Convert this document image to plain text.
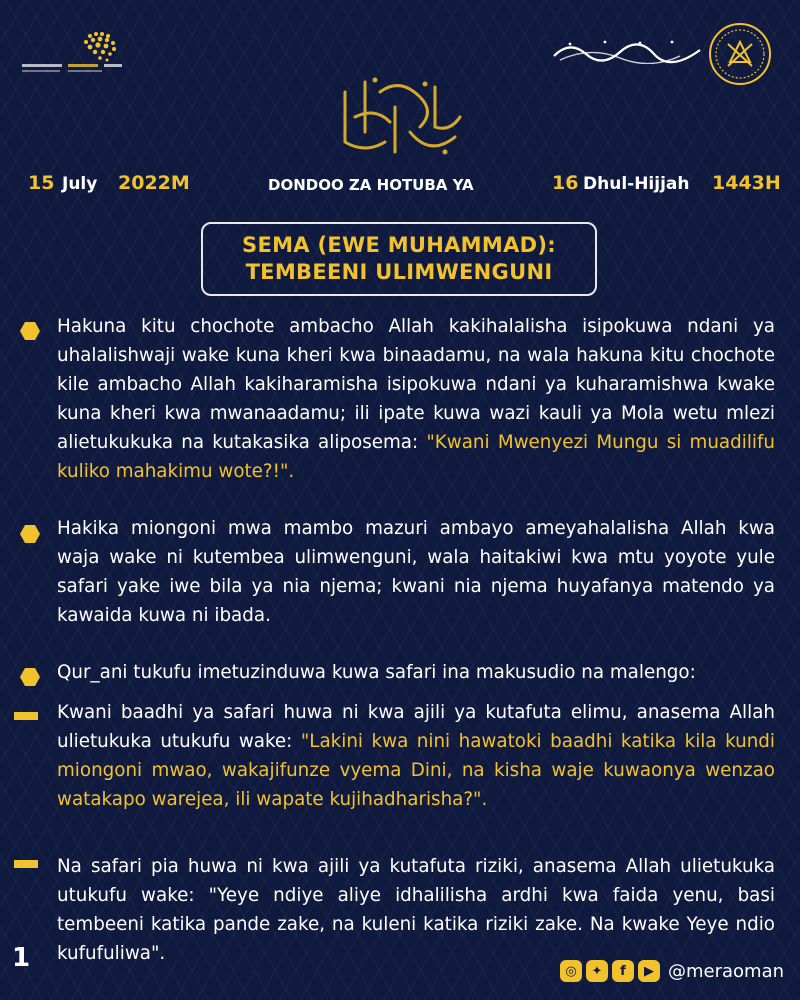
15 July 2022M	DONDOO ZA HOTUBA YA	16 Dhul-Hijjah 1443H
SEMA (EWE MUHAMMAD):
TEMBEENI ULIMWENGUNI
Hakuna kitu chochote ambacho Allah kakihalalisha isipokuwa ndani ya uhalalishwaji wake kuna kheri kwa binaadamu, na wala hakuna kitu chochote kile ambacho Allah kakiharamisha isipokuwa ndani ya kuharamishwa kwake kuna kheri kwa mwanaadamu; ili ipate kuwa wazi kauli ya Mola wetu mlezi alietukukuka na kutakasika aliposema: "Kwani Mwenyezi Mungu si muadilifu kuliko mahakimu wote?!".
Hakika miongoni mwa mambo mazuri ambayo ameyahalalisha Allah kwa waja wake ni kutembea ulimwenguni, wala haitakiwi kwa mtu yoyote yule safari yake iwe bila ya nia njema; kwani nia njema huyafanya matendo ya kawaida kuwa ni ibada.
Qur_ani tukufu imetuzinduwa kuwa safari ina makusudio na malengo:
Kwani baadhi ya safari huwa ni kwa ajili ya kutafuta elimu, anasema Allah ulietukuka utukufu wake: "Lakini kwa nini hawatoki baadhi katika kila kundi miongoni mwao, wakajifunze vyema Dini, na kisha waje kuwaonya wenzao watakapo warejea, ili wapate kujihadharisha?".
Na safari pia huwa ni kwa ajili ya kutafuta riziki, anasema Allah ulietukuka utukufu wake: "Yeye ndiye aliye idhalilisha ardhi kwa faida yenu, basi tembeeni katika pande zake, na kuleni katika riziki zake. Na kwake Yeye ndio kufufuliwa".
1	◎	✦	f	▶ @meraoman
